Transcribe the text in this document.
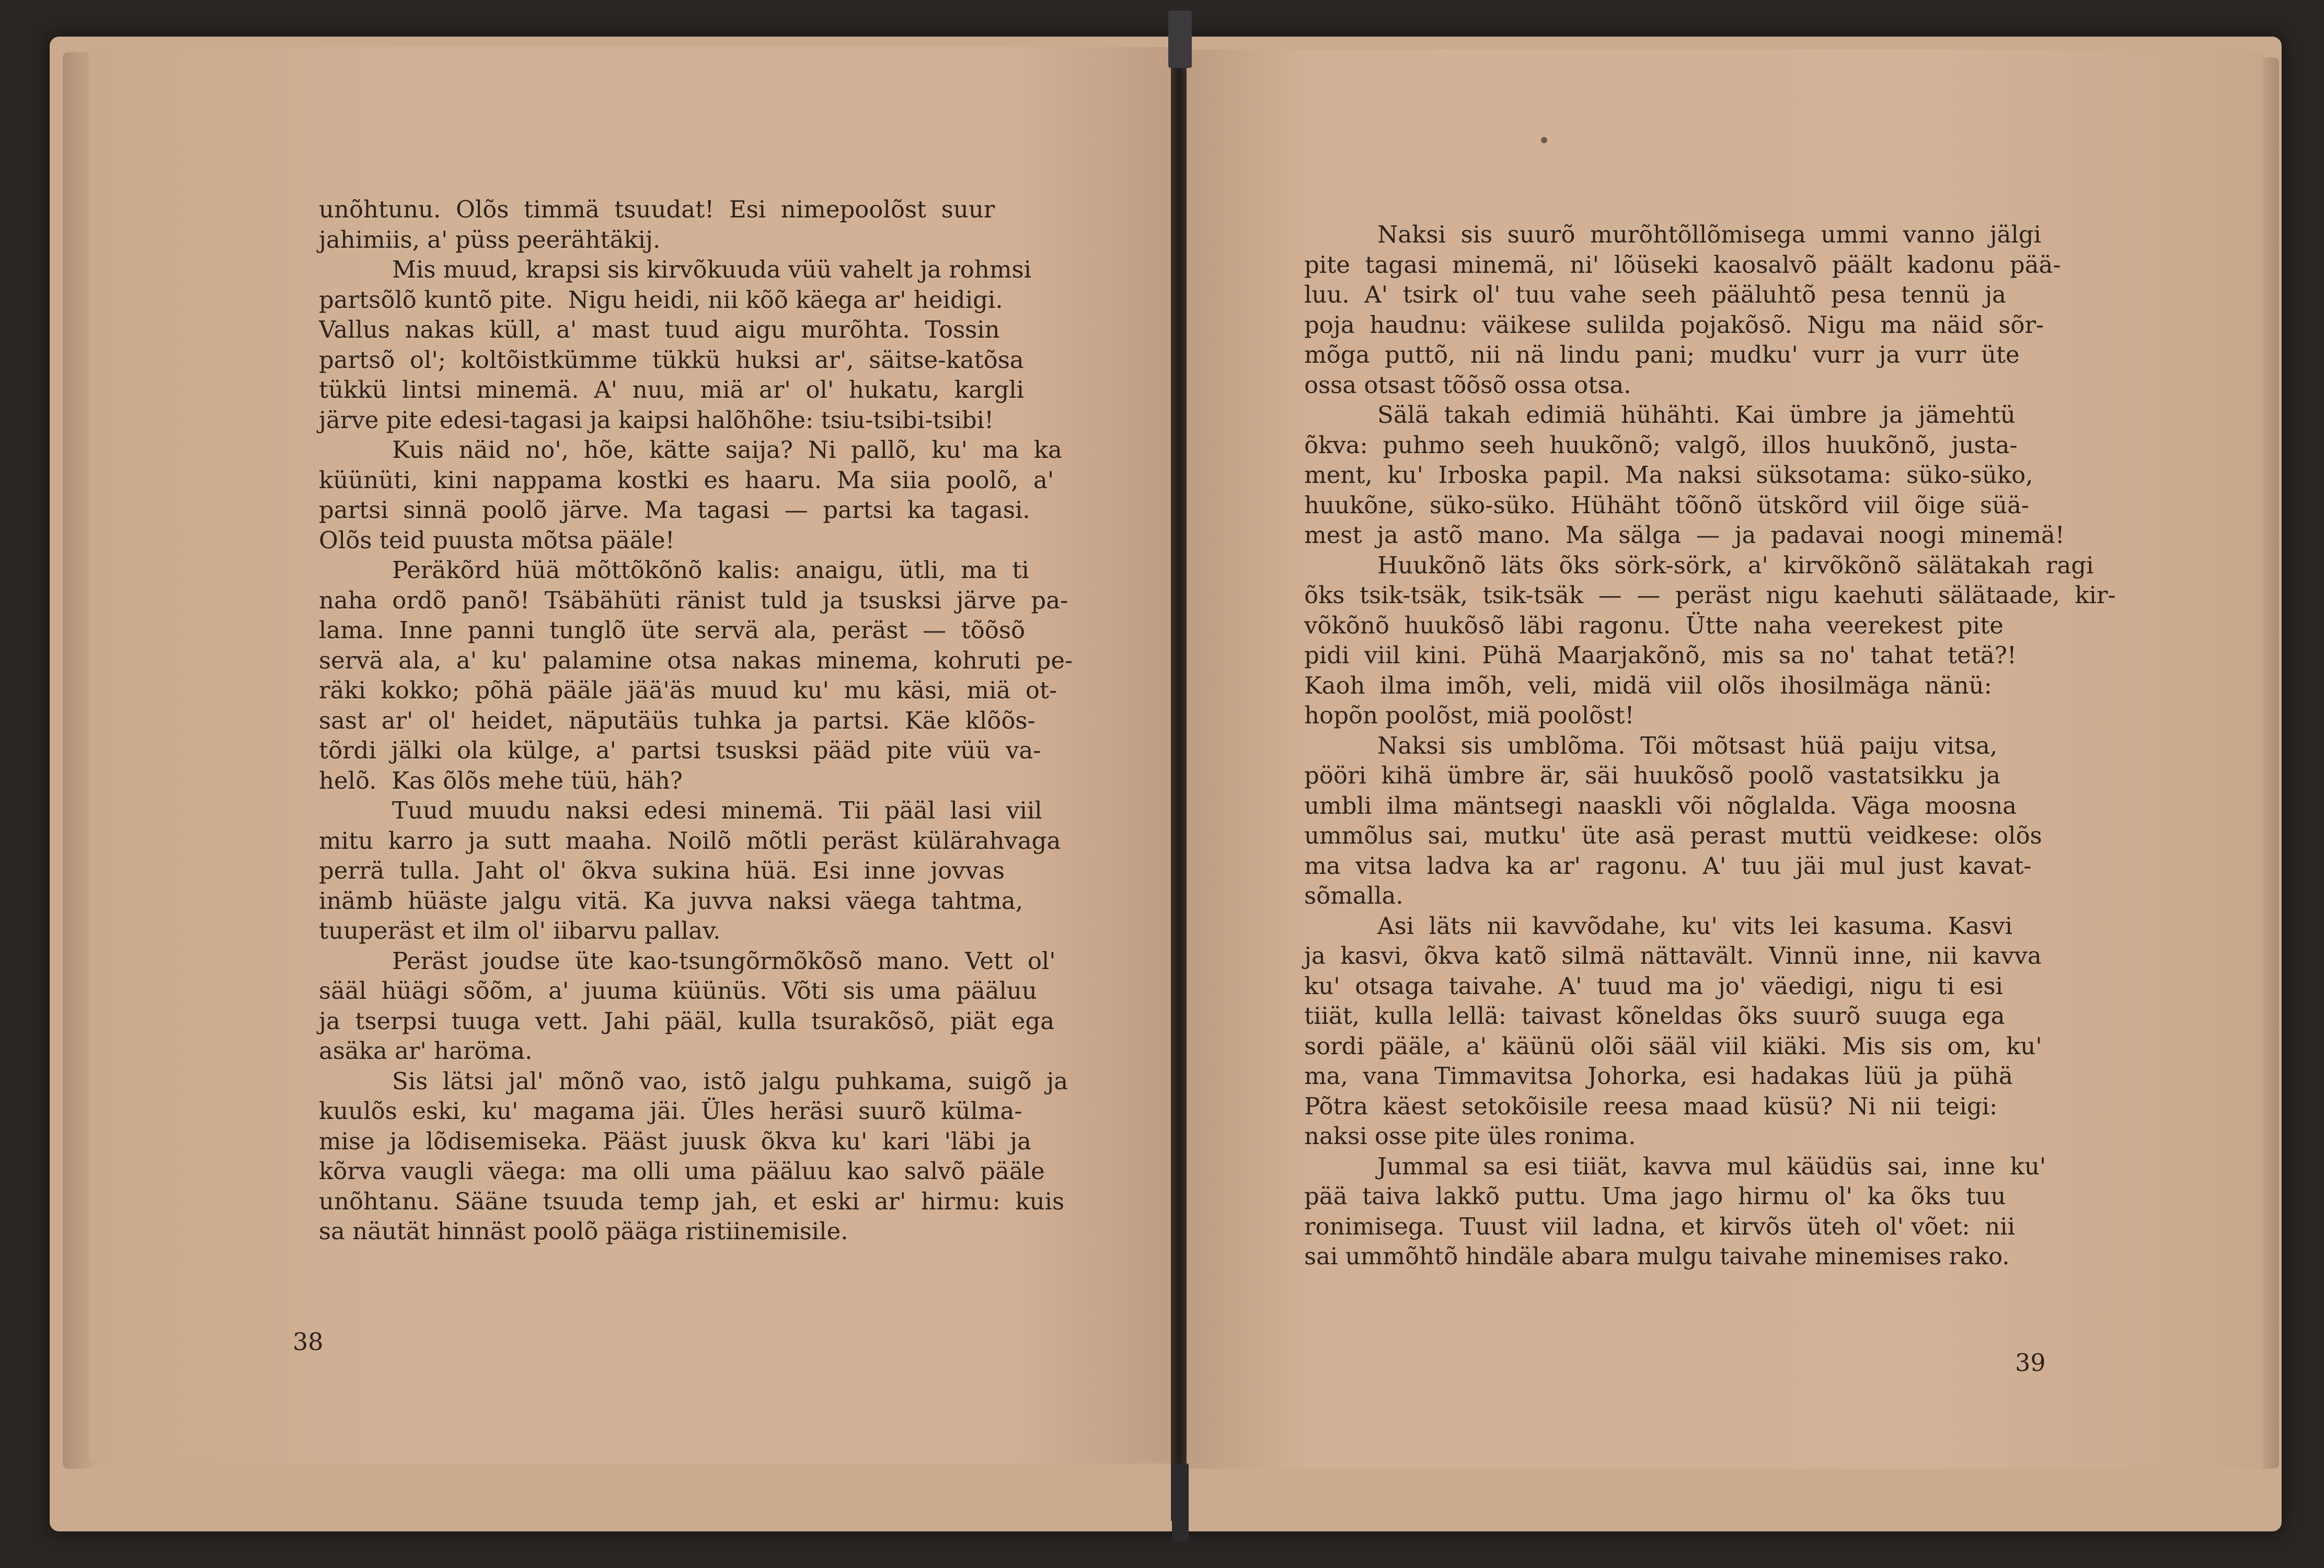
unõhtunu.  Olõs  timmä  tsuudat!  Esi  nimepoolõst  suur
jahimiis, a' püss peerähtäkij.
Mis muud, krapsi sis kirvõkuuda vüü vahelt ja rohmsi
partsõlõ kuntõ pite.  Nigu heidi, nii kõõ käega ar' heidigi.
Vallus  nakas  küll,  a'  mast  tuud  aigu  murõhta.  Tossin
partsõ  ol';  koltõistkümme  tükkü  huksi  ar',  säitse-katõsa
tükkü  lintsi  minemä.  A'  nuu,  miä  ar'  ol'  hukatu,  kargli
järve pite edesi-tagasi ja kaipsi halõhõhe: tsiu-tsibi-tsibi!
Kuis  näid  no',  hõe,  kätte  saija?  Ni  pallõ,  ku'  ma  ka
küünüti,  kini  nappama  kostki  es  haaru.  Ma  siia  poolõ,  a'
partsi  sinnä  poolõ  järve.  Ma  tagasi  —  partsi  ka  tagasi.
Olõs teid puusta mõtsa pääle!
Peräkõrd  hüä  mõttõkõnõ  kalis:  anaigu,  ütli,  ma  ti
naha  ordõ  panõ!  Tsäbähüti  ränist  tuld  ja  tsusksi  järve  pa-
lama.  Inne  panni  tunglõ  üte  servä  ala,  peräst  —  tõõsõ
servä  ala,  a'  ku'  palamine  otsa  nakas  minema,  kohruti  pe-
räki  kokko;  põhä  pääle  jää'äs  muud  ku'  mu  käsi,  miä  ot-
sast  ar'  ol'  heidet,  näputäüs  tuhka  ja  partsi.  Käe  klõõs-
tõrdi  jälki  ola  külge,  a'  partsi  tsusksi  pääd  pite  vüü  va-
helõ.  Kas õlõs mehe tüü, häh?
Tuud  muudu  naksi  edesi  minemä.  Tii  pääl  lasi  viil
mitu  karro  ja  sutt  maaha.  Noilõ  mõtli  peräst  külärahvaga
perrä  tulla.  Jaht  ol'  õkva  sukina  hüä.  Esi  inne  jovvas
inämb  hüäste  jalgu  vitä.  Ka  juvva  naksi  väega  tahtma,
tuuperäst et ilm ol' iibarvu pallav.
Peräst  joudse  üte  kao-tsungõrmõkõsõ  mano.  Vett  ol'
sääl  hüägi  sõõm,  a'  juuma  küünüs.  Võti  sis  uma  pääluu
ja  tserpsi  tuuga  vett.  Jahi  pääl,  kulla  tsurakõsõ,  piät  ega
asäka ar' haröma.
Sis  lätsi  jal'  mõnõ  vao,  istõ  jalgu  puhkama,  suigõ  ja
kuulõs  eski,  ku'  magama  jäi.  Üles  heräsi  suurõ  külma-
mise  ja  lõdisemiseka.  Pääst  juusk  õkva  ku'  kari  'läbi  ja
kõrva  vaugli  väega:  ma  olli  uma  pääluu  kao  salvõ  pääle
unõhtanu.  Sääne  tsuuda  temp  jah,  et  eski  ar'  hirmu:  kuis
sa näutät hinnäst poolõ pääga ristiinemisile.
38
Naksi  sis  suurõ  murõhtõllõmisega  ummi  vanno  jälgi
pite  tagasi  minemä,  ni'  lõüseki  kaosalvõ  päält  kadonu  pää-
luu.  A'  tsirk  ol'  tuu  vahe  seeh  pääluhtõ  pesa  tennü  ja
poja  haudnu:  väikese  sulilda  pojakõsõ.  Nigu  ma  näid  sõr-
mõga  puttõ,  nii  nä  lindu  pani;  mudku'  vurr  ja  vurr  üte
ossa otsast tõõsõ ossa otsa.
Sälä  takah  edimiä  hühähti.  Kai  ümbre  ja  jämehtü
õkva:  puhmo  seeh  huukõnõ;  valgõ,  illos  huukõnõ,  justa-
ment,  ku'  Irboska  papil.  Ma  naksi  süksotama:  süko-süko,
huukõne,  süko-süko.  Hühäht  tõõnõ  ütskõrd  viil  õige  süä-
mest  ja  astõ  mano.  Ma  sälga  —  ja  padavai  noogi  minemä!
Huukõnõ  läts  õks  sörk-sörk,  a'  kirvõkõnõ  sälätakah  ragi
õks  tsik-tsäk,  tsik-tsäk  —  —  peräst  nigu  kaehuti  sälätaade,  kir-
võkõnõ  huukõsõ  läbi  ragonu.  Ütte  naha  veerekest  pite
pidi  viil  kini.  Pühä  Maarjakõnõ,  mis  sa  no'  tahat  tetä?!
Kaoh  ilma  imõh,  veli,  midä  viil  olõs  ihosilmäga  nänü:
hopõn poolõst, miä poolõst!
Naksi  sis  umblõma.  Tõi  mõtsast  hüä  paiju  vitsa,
pööri  kihä  ümbre  är,  säi  huukõsõ  poolõ  vastatsikku  ja
umbli  ilma  mäntsegi  naaskli  või  nõglalda.  Väga  moosna
ummõlus  sai,  mutku'  üte  asä  perast  muttü  veidkese:  olõs
ma  vitsa  ladva  ka  ar'  ragonu.  A'  tuu  jäi  mul  just  kavat-
sõmalla.
Asi  läts  nii  kavvõdahe,  ku'  vits  lei  kasuma.  Kasvi
ja  kasvi,  õkva  katõ  silmä  nättavält.  Vinnü  inne,  nii  kavva
ku'  otsaga  taivahe.  A'  tuud  ma  jo'  väedigi,  nigu  ti  esi
tiiät,  kulla  lellä:  taivast  kõneldas  õks  suurõ  suuga  ega
sordi  pääle,  a'  käünü  olõi  sääl  viil  kiäki.  Mis  sis  om,  ku'
ma,  vana  Timmavitsa  Johorka,  esi  hadakas  lüü  ja  pühä
Põtra  käest  setokõisile  reesa  maad  küsü?  Ni  nii  teigi:
naksi osse pite üles ronima.
Jummal  sa  esi  tiiät,  kavva  mul  käüdüs  sai,  inne  ku'
pää  taiva  lakkõ  puttu.  Uma  jago  hirmu  ol'  ka  õks  tuu
ronimisega.  Tuust  viil  ladna,  et  kirvõs  üteh  ol' võet:  nii
sai ummõhtõ hindäle abara mulgu taivahe minemises rako.
39
